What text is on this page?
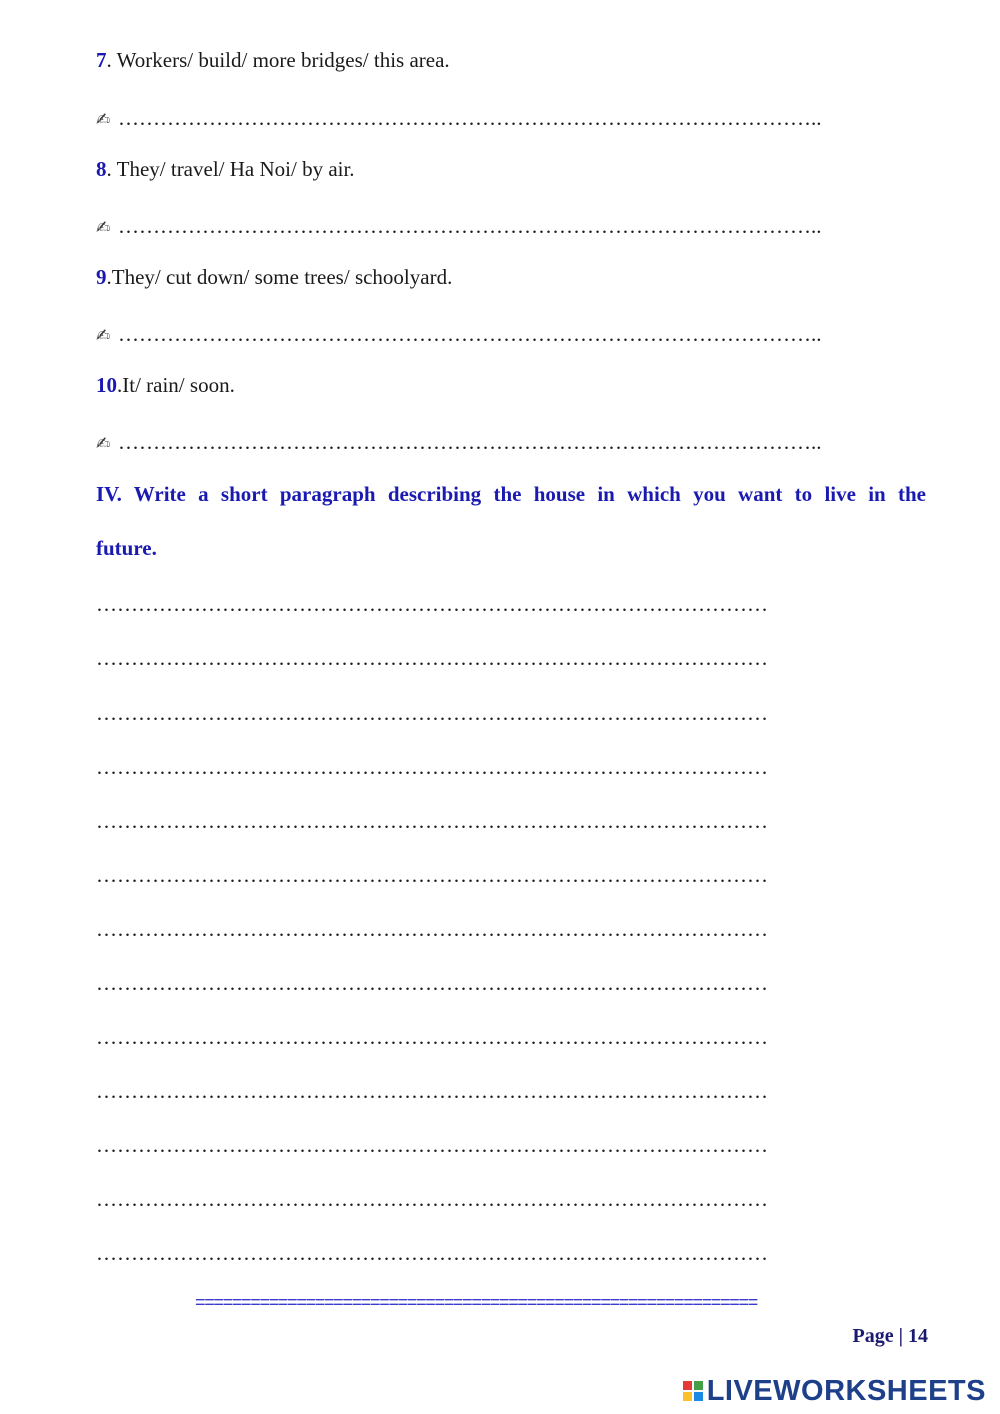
7. Workers/ build/ more bridges/ this area.
✍ ………………………………………………………………………………………..
8. They/ travel/ Ha Noi/ by air.
✍ ………………………………………………………………………………………..
9.They/ cut down/ some trees/ schoolyard.
✍ ………………………………………………………………………………………..
10.It/ rain/ soon.
✍ ………………………………………………………………………………………..
IV. Write a short paragraph describing the house in which you want to live in the
future.
……………………………………………………………………………………
……………………………………………………………………………………
……………………………………………………………………………………
……………………………………………………………………………………
……………………………………………………………………………………
……………………………………………………………………………………
……………………………………………………………………………………
……………………………………………………………………………………
……………………………………………………………………………………
……………………………………………………………………………………
……………………………………………………………………………………
……………………………………………………………………………………
……………………………………………………………………………………
=============================================================
Page | 14
LIVEWORKSHEETS
